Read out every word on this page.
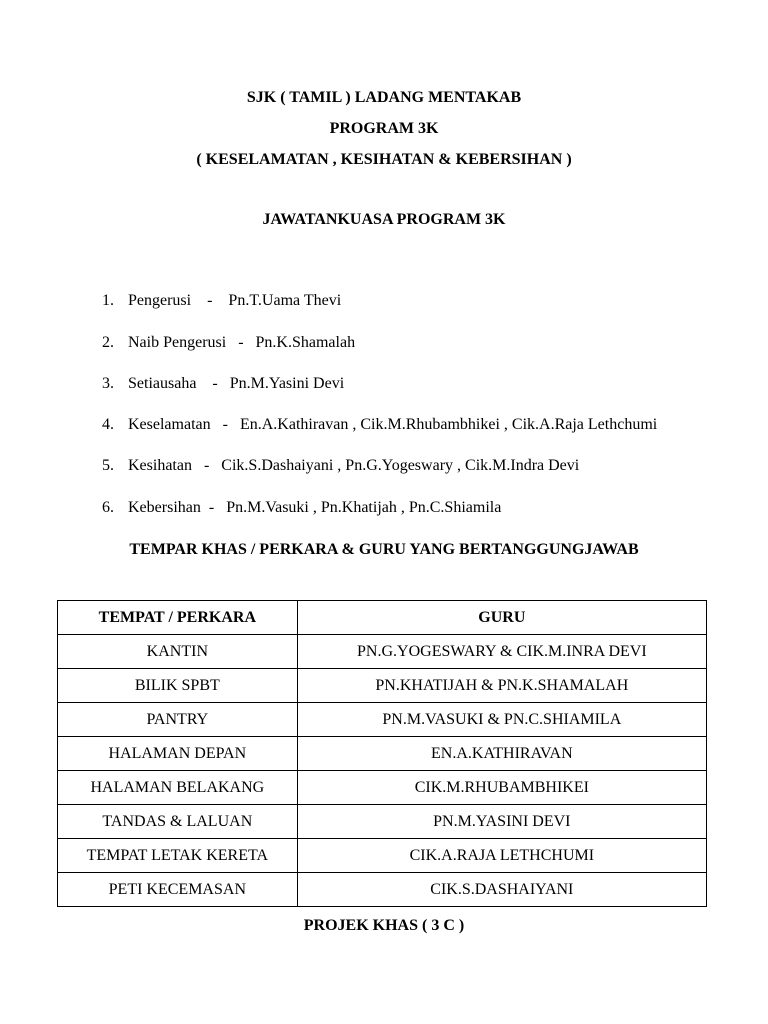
SJK ( TAMIL ) LADANG MENTAKAB
PROGRAM 3K
( KESELAMATAN , KESIHATAN & KEBERSIHAN )
JAWATANKUASA PROGRAM 3K

1. Pengerusi    -    Pn.T.Uama Thevi

2. Naib Pengerusi   -   Pn.K.Shamalah

3. Setiausaha    -   Pn.M.Yasini Devi

4. Keselamatan   -   En.A.Kathiravan , Cik.M.Rhubambhikei , Cik.A.Raja Lethchumi

5. Kesihatan   -   Cik.S.Dashaiyani , Pn.G.Yogeswary , Cik.M.Indra Devi

6. Kebersihan  -   Pn.M.Vasuki , Pn.Khatijah , Pn.C.Shiamila

TEMPAR KHAS / PERKARA & GURU YANG BERTANGGUNGJAWAB
TEMPAT / PERKARA	GURU
KANTIN	PN.G.YOGESWARY & CIK.M.INRA DEVI
BILIK SPBT	PN.KHATIJAH & PN.K.SHAMALAH
PANTRY	PN.M.VASUKI & PN.C.SHIAMILA
HALAMAN DEPAN	EN.A.KATHIRAVAN
HALAMAN BELAKANG	CIK.M.RHUBAMBHIKEI
TANDAS & LALUAN	PN.M.YASINI DEVI
TEMPAT LETAK KERETA	CIK.A.RAJA LETHCHUMI
PETI KECEMASAN	CIK.S.DASHAIYANI
PROJEK KHAS ( 3 C )
